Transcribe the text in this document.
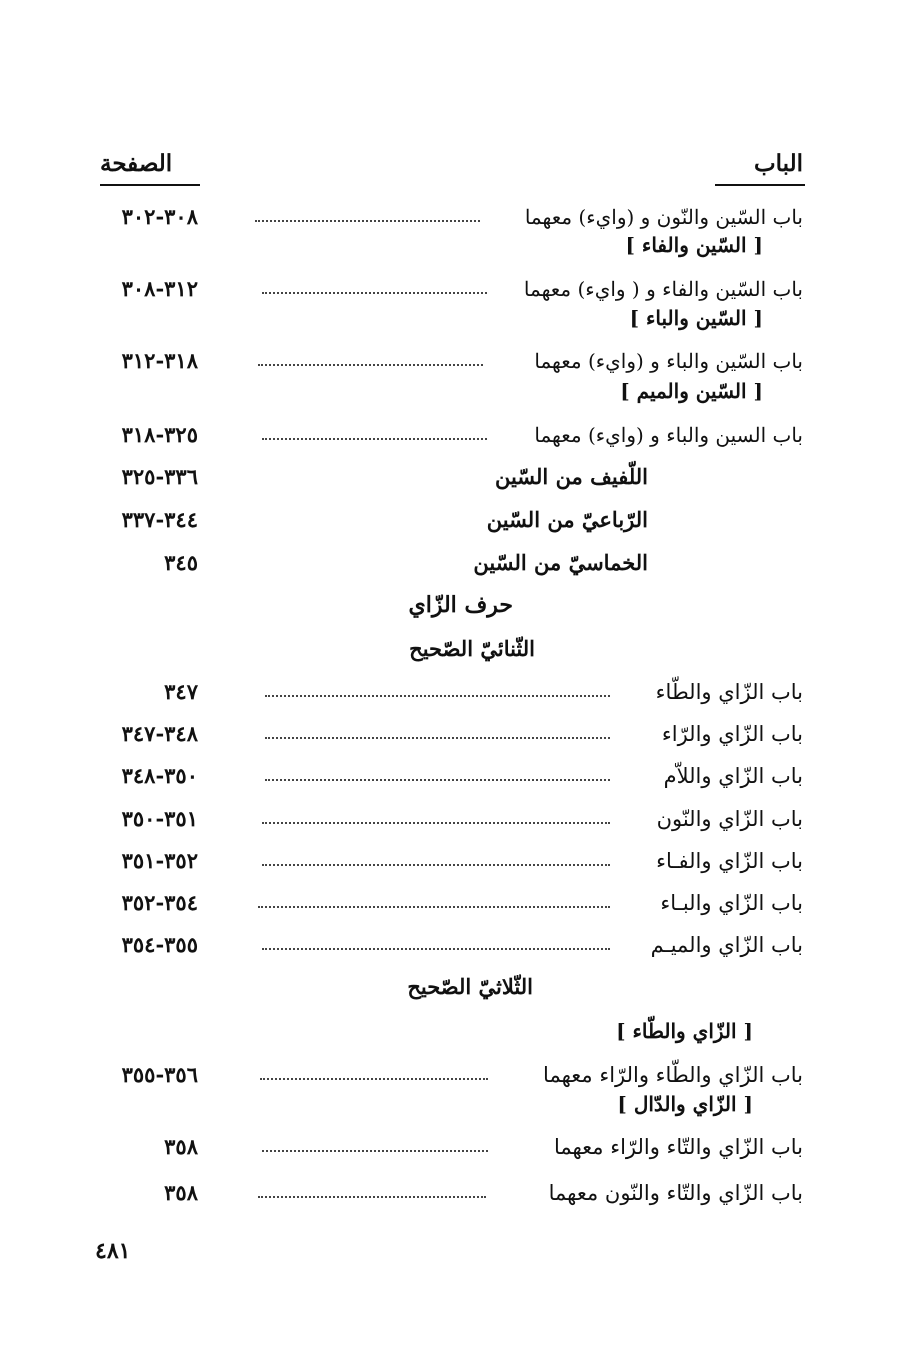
الباب
الصفحة
باب السّين والنّون و (واي‌ء) معهما
٣٠٨-٣٠٢
[ السّين والفاء ]
باب السّين والفاء و ( واي‌ء) معهما
٣١٢-٣٠٨
[ السّين والباء ]
باب السّين والباء و (واي‌ء) معهما
٣١٨-٣١٢
[ السّين والميم ]
باب السين والباء و (واي‌ء) معهما
٣٢٥-٣١٨
اللّفيف من السّين
٣٣٦-٣٢٥
الرّباعيّ من السّين
٣٤٤-٣٣٧
الخماسيّ من السّين
٣٤٥
حرف الزّاي
الثّنائيّ الصّحيح
باب الزّاي والطّاء
٣٤٧
باب الزّاي والرّاء
٣٤٨-٣٤٧
باب الزّاي واللاّم
٣٥٠-٣٤٨
باب الزّاي والنّون
٣٥١-٣٥٠
باب الزّاي والفـاء
٣٥٢-٣٥١
باب الزّاي والبـاء
٣٥٤-٣٥٢
باب الزّاي والميـم
٣٥٥-٣٥٤
الثّلاثيّ الصّحيح
[ الزّاي والطّاء ]
باب الزّاي والطّاء والرّاء معهما
٣٥٦-٣٥٥
[ الزّاي والدّال ]
باب الزّاي والتّاء والرّاء معهما
٣٥٨
باب الزّاي والتّاء والنّون معهما
٣٥٨
٤٨١
